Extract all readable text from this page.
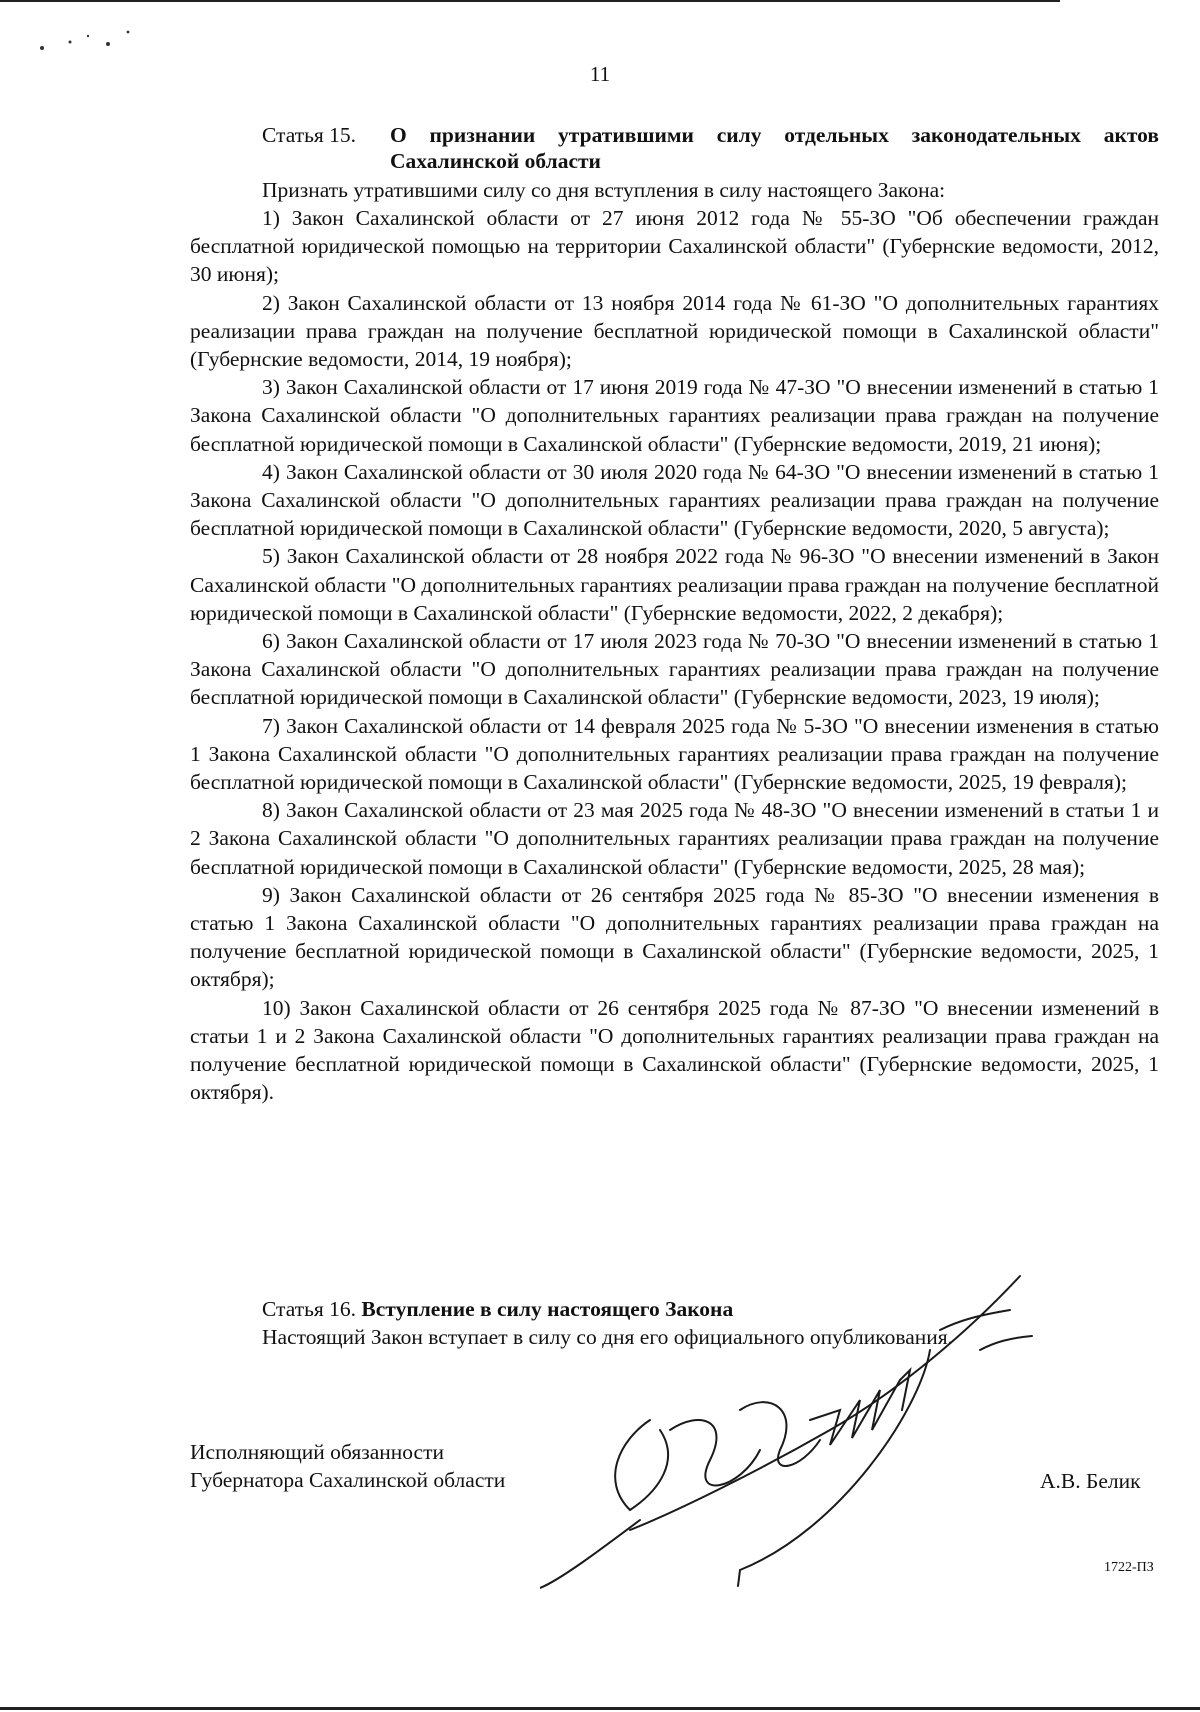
11
Статья 15.	О признании утратившими силу отдельных законодательных актов Сахалинской области
Признать утратившими силу со дня вступления в силу настоящего Закона:

1) Закон Сахалинской области от 27 июня 2012 года № 55-ЗО "Об обеспечении граждан бесплатной юридической помощью на территории Сахалинской области" (Губернские ведомости, 2012, 30 июня);

2) Закон Сахалинской области от 13 ноября 2014 года № 61-ЗО "О дополнительных гарантиях реализации права граждан на получение бесплатной юридической помощи в Сахалинской области" (Губернские ведомости, 2014, 19 ноября);

3) Закон Сахалинской области от 17 июня 2019 года № 47-ЗО "О внесении изменений в статью 1 Закона Сахалинской области "О дополнительных гарантиях реализации права граждан на получение бесплатной юридической помощи в Сахалинской области" (Губернские ведомости, 2019, 21 июня);

4) Закон Сахалинской области от 30 июля 2020 года № 64-ЗО "О внесении изменений в статью 1 Закона Сахалинской области "О дополнительных гарантиях реализации права граждан на получение бесплатной юридической помощи в Сахалинской области" (Губернские ведомости, 2020, 5 августа);

5) Закон Сахалинской области от 28 ноября 2022 года № 96-ЗО "О внесении изменений в Закон Сахалинской области "О дополнительных гарантиях реализации права граждан на получение бесплатной юридической помощи в Сахалинской области" (Губернские ведомости, 2022, 2 декабря);

6) Закон Сахалинской области от 17 июля 2023 года № 70-ЗО "О внесении изменений в статью 1 Закона Сахалинской области "О дополнительных гарантиях реализации права граждан на получение бесплатной юридической помощи в Сахалинской области" (Губернские ведомости, 2023, 19 июля);

7) Закон Сахалинской области от 14 февраля 2025 года № 5-ЗО "О внесении изменения в статью 1 Закона Сахалинской области "О дополнительных гарантиях реализации права граждан на получение бесплатной юридической помощи в Сахалинской области" (Губернские ведомости, 2025, 19 февраля);

8) Закон Сахалинской области от 23 мая 2025 года № 48-ЗО "О внесении изменений в статьи 1 и 2 Закона Сахалинской области "О дополнительных гарантиях реализации права граждан на получение бесплатной юридической помощи в Сахалинской области" (Губернские ведомости, 2025, 28 мая);

9) Закон Сахалинской области от 26 сентября 2025 года № 85-ЗО "О внесении изменения в статью 1 Закона Сахалинской области "О дополнительных гарантиях реализации права граждан на получение бесплатной юридической помощи в Сахалинской области" (Губернские ведомости, 2025, 1 октября);

10) Закон Сахалинской области от 26 сентября 2025 года № 87-ЗО "О внесении изменений в статьи 1 и 2 Закона Сахалинской области "О дополнительных гарантиях реализации права граждан на получение бесплатной юридической помощи в Сахалинской области" (Губернские ведомости, 2025, 1 октября).

Статья 16. Вступление в силу настоящего Закона
Настоящий Закон вступает в силу со дня его официального опубликования.
Исполняющий обязанности
Губернатора Сахалинской области	А.В. Белик
1722-ПЗ
